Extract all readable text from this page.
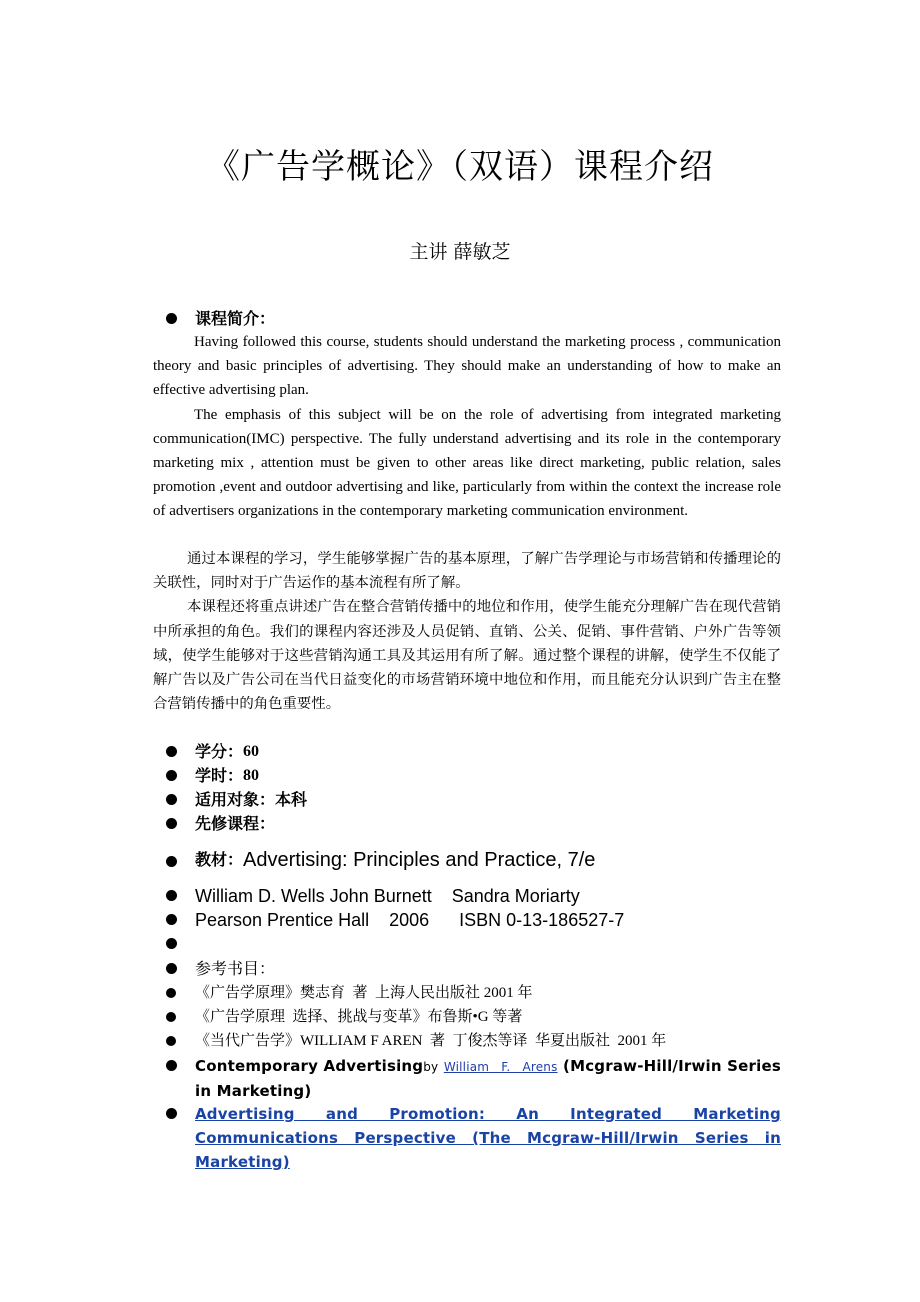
《广告学概论》（双语）课程介绍
主讲 薛敏芝
课程简介：

Having followed this course, students should understand the marketing process , communication theory and basic principles of advertising. They should make an understanding of how to make an effective advertising plan.

The emphasis of this subject will be on the role of advertising from integrated marketing communication(IMC) perspective. The fully understand advertising and its role in the contemporary marketing mix , attention must be given to other areas like direct marketing, public relation, sales promotion ,event and outdoor advertising and like, particularly from within the context the increase role of advertisers organizations in the contemporary marketing communication environment.

通过本课程的学习，学生能够掌握广告的基本原理，了解广告学理论与市场营销和传播理论的关联性，同时对于广告运作的基本流程有所了解。

本课程还将重点讲述广告在整合营销传播中的地位和作用，使学生能充分理解广告在现代营销中所承担的角色。我们的课程内容还涉及人员促销、直销、公关、促销、事件营销、户外广告等领域，使学生能够对于这些营销沟通工具及其运用有所了解。通过整个课程的讲解，使学生不仅能了解广告以及广告公司在当代日益变化的市场营销环境中地位和作用，而且能充分认识到广告主在整合营销传播中的角色重要性。

学分： 60
学时： 80
适用对象： 本科
先修课程：
教材： Advertising: Principles and Practice, 7/e
William D. Wells John Burnett    Sandra Moriarty
Pearson Prentice Hall    2006      ISBN 0-13-186527-7
参考书目：
《广告学原理》樊志育  著  上海人民出版社 2001 年
《广告学原理  选择、挑战与变革》布鲁斯•G 等著
《当代广告学》WILLIAM F AREN  著  丁俊杰等译  华夏出版社  2001 年
Contemporary Advertisingby William F. Arens (Mcgraw-Hill/Irwin Series in Marketing)
Advertising and Promotion: An Integrated Marketing Communications Perspective (The Mcgraw-Hill/Irwin Series in Marketing)
